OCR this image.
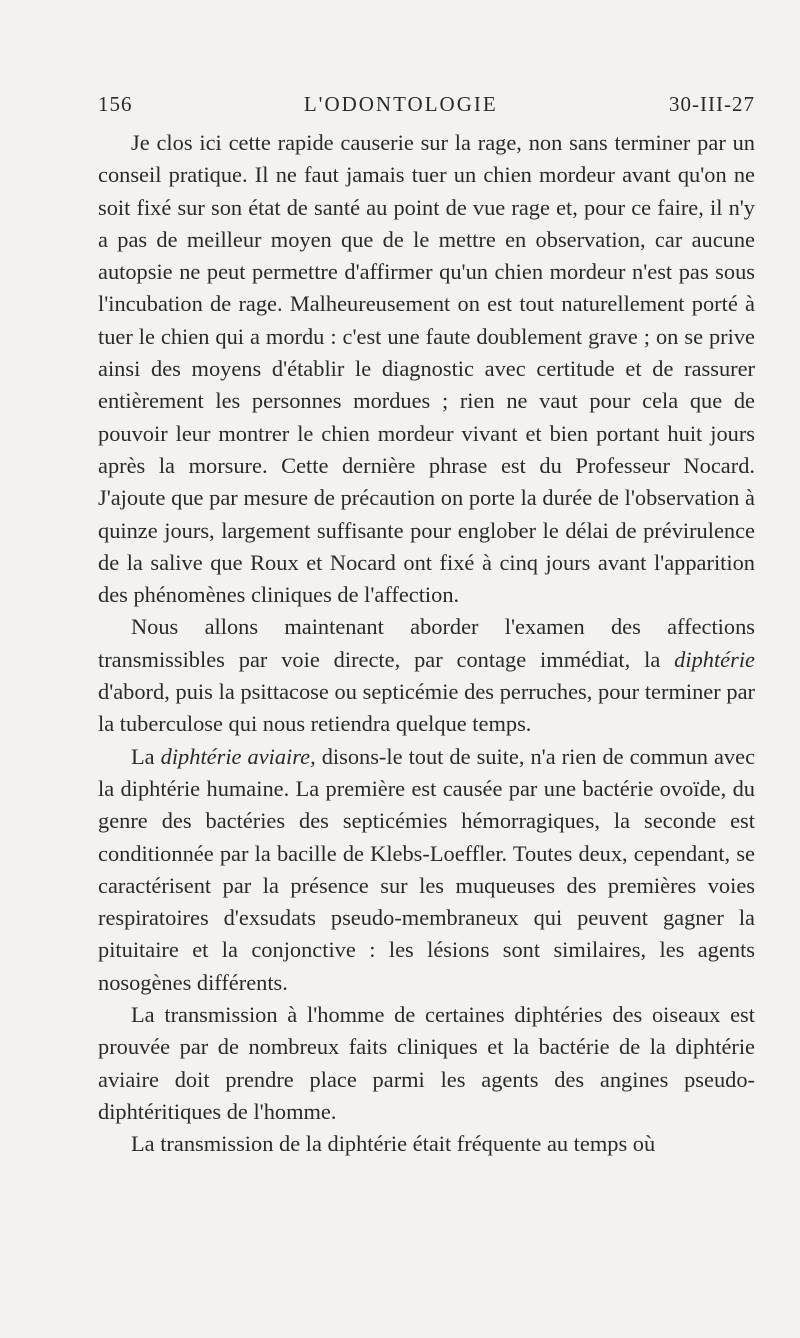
156	L'ODONTOLOGIE	30-III-27

Je clos ici cette rapide causerie sur la rage, non sans terminer par un conseil pratique. Il ne faut jamais tuer un chien mordeur avant qu'on ne soit fixé sur son état de santé au point de vue rage et, pour ce faire, il n'y a pas de meilleur moyen que de le mettre en observation, car aucune autopsie ne peut permettre d'affirmer qu'un chien mordeur n'est pas sous l'incubation de rage. Malheureusement on est tout naturellement porté à tuer le chien qui a mordu : c'est une faute doublement grave ; on se prive ainsi des moyens d'établir le diagnostic avec certitude et de rassurer entièrement les personnes mordues ; rien ne vaut pour cela que de pouvoir leur montrer le chien mordeur vivant et bien portant huit jours après la morsure. Cette dernière phrase est du Professeur Nocard. J'ajoute que par mesure de précaution on porte la durée de l'observation à quinze jours, largement suffisante pour englober le délai de prévirulence de la salive que Roux et Nocard ont fixé à cinq jours avant l'apparition des phénomènes cliniques de l'affection.

Nous allons maintenant aborder l'examen des affections transmissibles par voie directe, par contage immédiat, la diphtérie d'abord, puis la psittacose ou septicémie des perruches, pour terminer par la tuberculose qui nous retiendra quelque temps.

La diphtérie aviaire, disons-le tout de suite, n'a rien de commun avec la diphtérie humaine. La première est causée par une bactérie ovoïde, du genre des bactéries des septicémies hémorragiques, la seconde est conditionnée par la bacille de Klebs-Loeffler. Toutes deux, cependant, se caractérisent par la présence sur les muqueuses des premières voies respiratoires d'exsudats pseudo-membraneux qui peuvent gagner la pituitaire et la conjonctive : les lésions sont similaires, les agents nosogènes différents.

La transmission à l'homme de certaines diphtéries des oiseaux est prouvée par de nombreux faits cliniques et la bactérie de la diphtérie aviaire doit prendre place parmi les agents des angines pseudo-diphtéritiques de l'homme.

La transmission de la diphtérie était fréquente au temps où
